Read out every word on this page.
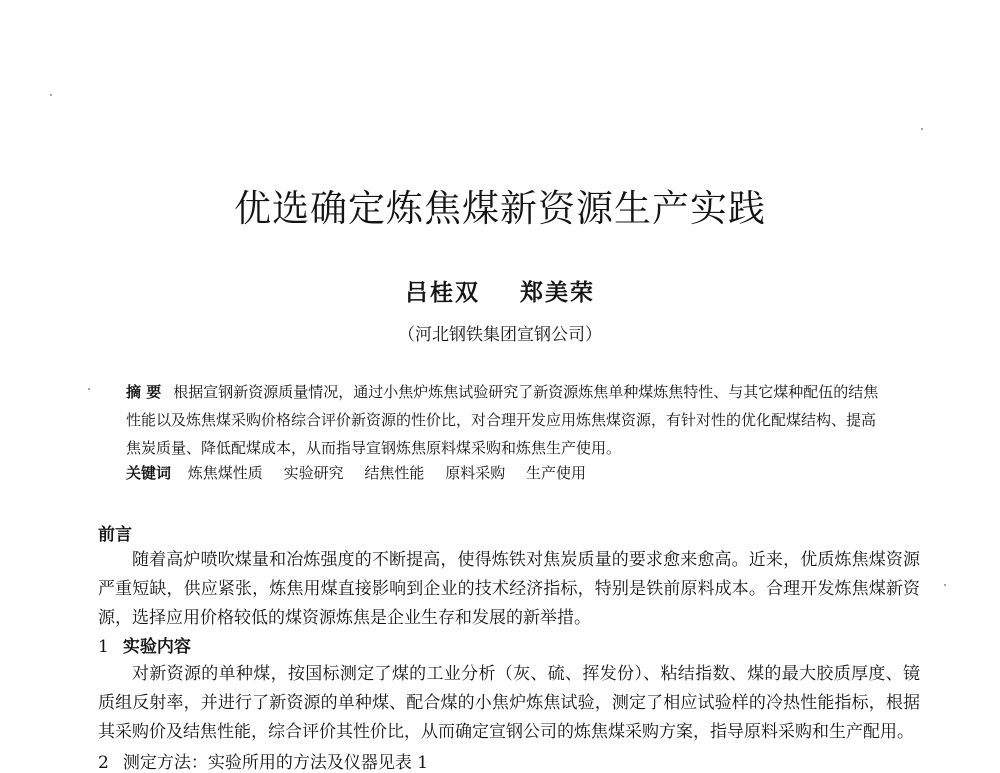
优选确定炼焦煤新资源生产实践
吕桂双 郑美荣
（河北钢铁集团宣钢公司）
摘 要 根据宣钢新资源质量情况，通过小焦炉炼焦试验研究了新资源炼焦单种煤炼焦特性、与其它煤种配伍的结焦性能以及炼焦煤采购价格综合评价新资源的性价比，对合理开发应用炼焦煤资源，有针对性的优化配煤结构、提高焦炭质量、降低配煤成本，从而指导宣钢炼焦原料煤采购和炼焦生产使用。
关键词 炼焦煤性质 实验研究 结焦性能 原料采购 生产使用
前言
随着高炉喷吹煤量和冶炼强度的不断提高，使得炼铁对焦炭质量的要求愈来愈高。近来，优质炼焦煤资源严重短缺，供应紧张，炼焦用煤直接影响到企业的技术经济指标，特别是铁前原料成本。合理开发炼焦煤新资源，选择应用价格较低的煤资源炼焦是企业生存和发展的新举措。
1 实验内容
对新资源的单种煤，按国标测定了煤的工业分析（灰、硫、挥发份）、粘结指数、煤的最大胶质厚度、镜质组反射率，并进行了新资源的单种煤、配合煤的小焦炉炼焦试验，测定了相应试验样的冷热性能指标，根据其采购价及结焦性能，综合评价其性价比，从而确定宣钢公司的炼焦煤采购方案，指导原料采购和生产配用。
2 测定方法：实验所用的方法及仪器见表 1
